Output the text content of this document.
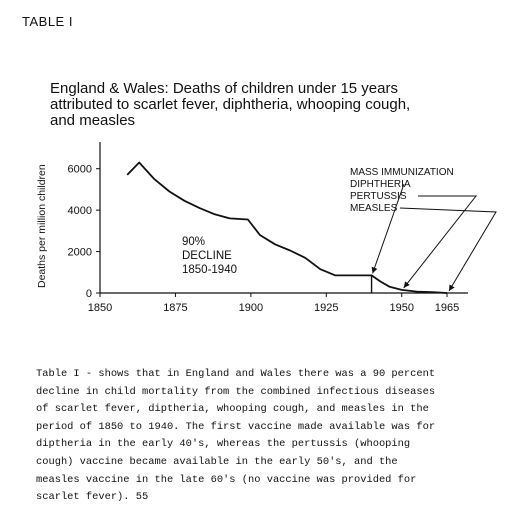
TABLE I
England & Wales: Deaths of children under 15 years
attributed to scarlet fever, diphtheria, whooping cough,
and measles
Deaths per million children
0
2000
4000
6000
1850	1875	1900	1925	1950 1965
90%
DECLINE
1850-1940
MASS IMMUNIZATION
DIPHTHERIA
PERTUSSIS
MEASLES
Table I - shows that in England and Wales there was a 90 percent
decline in child mortality from the combined infectious diseases
of scarlet fever, diptheria, whooping cough, and measles in the
period of 1850 to 1940. The first vaccine made available was for
diptheria in the early 40's, whereas the pertussis (whooping
cough) vaccine became available in the early 50's, and the
measles vaccine in the late 60's (no vaccine was provided for
scarlet fever). 55
